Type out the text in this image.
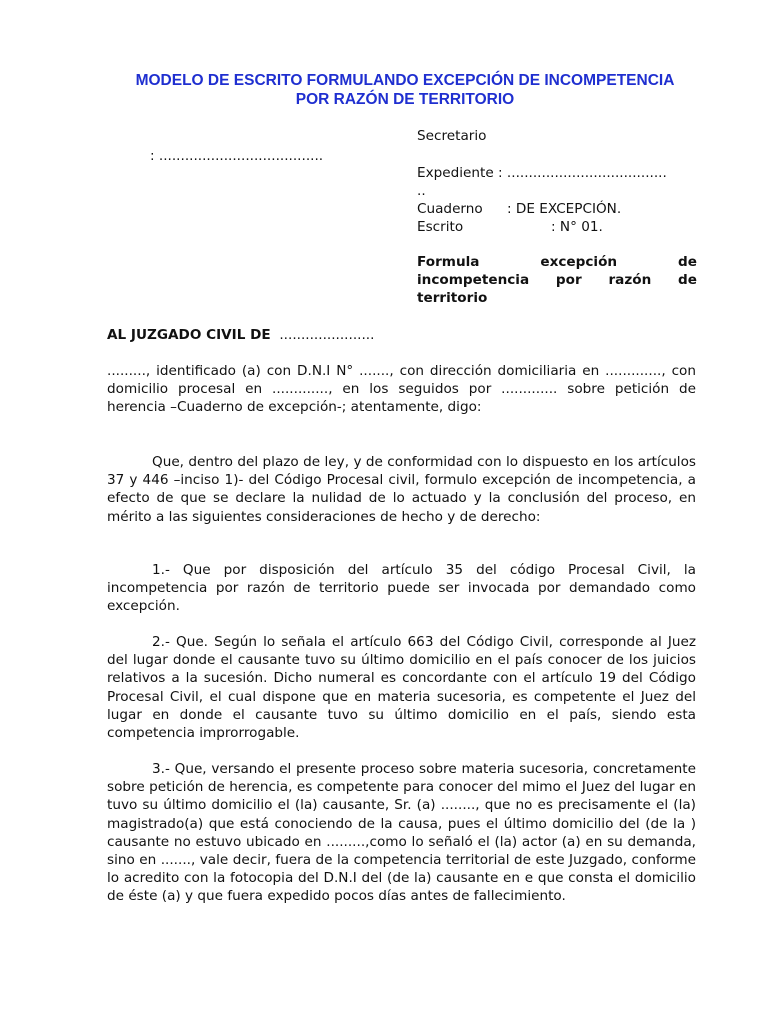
MODELO DE ESCRITO FORMULANDO EXCEPCIÓN DE INCOMPETENCIA
POR RAZÓN DE TERRITORIO
: ......................................
Secretario
Expediente : .....................................
..
Cuaderno : DE EXCEPCIÓN.
Escrito	: N° 01.
Formula excepción de incompetencia por razón de territorio
AL JUZGADO CIVIL DE ......................

........., identificado (a) con D.N.I N° ......., con dirección domiciliaria en ............., con domicilio procesal en ............., en los seguidos por ............. sobre petición de herencia –Cuaderno de excepción-; atentamente, digo:

Que, dentro del plazo de ley, y de conformidad con lo dispuesto en los artículos 37 y 446 –inciso 1)- del Código Procesal civil, formulo excepción de incompetencia, a efecto de que se declare la nulidad de lo actuado y la conclusión del proceso, en mérito a las siguientes consideraciones de hecho y de derecho:

1.- Que por disposición del artículo 35 del código Procesal Civil, la incompetencia por razón de territorio puede ser invocada por demandado como excepción.

2.- Que. Según lo señala el artículo 663 del Código Civil, corresponde al Juez del lugar donde el causante tuvo su último domicilio en el país conocer de los juicios relativos a la sucesión. Dicho numeral es concordante con el artículo 19 del Código Procesal Civil, el cual dispone que en materia sucesoria, es competente el Juez del lugar en donde el causante tuvo su último domicilio en el país, siendo esta competencia improrrogable.

3.- Que, versando el presente proceso sobre materia sucesoria, concretamente sobre petición de herencia, es competente para conocer del mimo el Juez del lugar en tuvo su último domicilio el (la) causante, Sr. (a) ........, que no es precisamente el (la) magistrado(a) que está conociendo de la causa, pues el último domicilio del (de la ) causante no estuvo ubicado en .........,como lo señaló el (la) actor (a) en su demanda, sino en ......., vale decir, fuera de la competencia territorial de este Juzgado, conforme lo acredito con la fotocopia del D.N.I del (de la) causante en e que consta el domicilio de éste (a) y que fuera expedido pocos días antes de fallecimiento.
